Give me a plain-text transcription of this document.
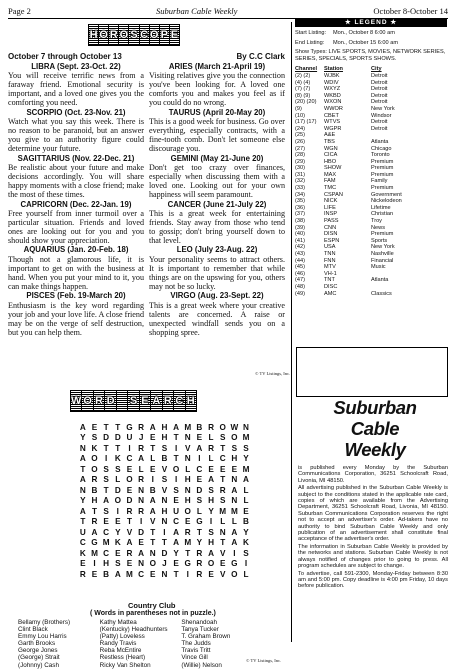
Page 2	Suburban Cable Weekly	October 8-October 14
H O R O S C O P E
October 7 through October 13
LIBRA (Sept. 23-Oct. 22)
You will receive terrific news from a faraway friend. Emotional security is important, and a loved one gives you the comforting you need.
SCORPIO (Oct. 23-Nov. 21)
Watch what you say this week. There is no reason to be paranoid, but an answer you give to an authority figure could determine your future.
SAGITTARIUS (Nov. 22-Dec. 21)
Be realistic about your future and make decisions accordingly. You will share happy moments with a close friend; make the most of these times.
CAPRICORN (Dec. 22-Jan. 19)
Free yourself from inner turmoil over a particular situation. Friends and loved ones are looking out for you and you should show your appreciation.
AQUARIUS (Jan. 20-Feb. 18)
Though not a glamorous life, it is important to get on with the business at hand. When you put your mind to it, you can make things happen.
PISCES (Feb. 19-March 20)
Enthusiasm is the key word regarding your job and your love life. A close friend may be on the verge of self destruction, but you can help them.
By C.C Clark
ARIES (March 21-April 19)
Visiting relatives give you the connection you've been looking for. A loved one comforts you and makes you feel as if you could do no wrong.
TAURUS (April 20-May 20)
This is a good week for business. Go over everything, especially contracts, with a fine-tooth comb. Don't let someone else discourage you.
GEMINI (May 21-June 20)
Don't get too crazy over finances, especially when discussing them with a loved one. Looking out for your own happiness will seem paramount.
CANCER (June 21-July 22)
This is a great week for entertaining friends. Stay away from those who tend to gossip; don't bring yourself down to that level.
LEO (July 23-Aug. 22)
Your personality seems to attract others. It is important to remember that while things are on the upswing for you, others may not be so lucky.
VIRGO (Aug. 23-Sept. 22)
This is a great week where your creative talents are concerned. A raise or unexpected windfall sends you on a shopping spree.
© TV Listings, Inc.
★ LEGEND ★
Start Listing:	Mon., October 8 6:00 am
End Listing:	Mon., October 15 6:00 am
Show Types: LIVE SPORTS, MOVIES, NETWORK SERIES, SERIES, SPECIALS, SPORTS SHOWS.
Channel	Station	City
(2) (2)	WJBK	Detroit
(4) (4)	WDIV	Detroit
(7) (7)	WXYZ	Detroit
(8) (9)	WKBD	Detroit
(20) (20)	WXON	Detroit
(9)	WWOR	New York
(10)	CBET	Windsor
(17) (17)	WTVS	Detroit
(24)	WGPR	Detroit
(25)	A&E
(26)	TBS	Atlanta
(27)	WGN	Chicago
(28)	CICA	Toronto
(29)	HBO	Premium
(30)	SHOW	Premium
(31)	MAX	Premium
(32)	FAM	Family
(33)	TMC	Premium
(34)	CSPAN	Government
(35)	NICK	Nickelodeon
(36)	LIFE	Lifetime
(37)	INSP	Christian
(38)	PASS	Troy
(39)	CNN	News
(40)	DISN	Premium
(41)	ESPN	Sports
(42)	USA	New York
(43)	TNN	Nashville
(44)	FNN	Financial
(45)	MTV	Music
(46)	VH-1
(47)	TNT	Atlanta
(48)	DISC
(49)	AMC	Classics
Suburban
Cable
Weekly

is published every Monday by the Suburban Communications Corporation, 36251 Schoolcraft Road, Livonia, MI 48150.

All advertising published in the Suburban Cable Weekly is subject to the conditions stated in the applicable rate card, copies of which are available from the Advertising Department, 36251 Schoolcraft Road, Livonia, MI 48150. Suburban Communications Corporation reserves the right not to accept an advertiser's order. Ad-takers have no authority to bind Suburban Cable Weekly and only publication of an advertisement shall constitute final acceptance of the advertiser's order.

The information in Suburban Cable Weekly is provided by the networks and stations. Suburban Cable Weekly is not always notified of changes prior to going to press. All program schedules are subject to change.

To advertise, call 591-2300, Monday-Friday between 8:30 am and 5:00 pm. Copy deadline is 4:00 pm Friday, 10 days before publication.

W O R D S E A R C H
A E T T G R A H A M B R O W N
Y S D D U J E H T N E L S O M
N K T T I R T S I V A R T S S
A O I K C A L B T N I L C H Y
T O S S E L E V O L C E E E M
A R S L O R I S I H E A T N A
N B T D E N B V S N D S R A L
Y H A O D N A N E H S H S N L
A T S I R R A H U O L Y M M E
T R E E T I V N C E G I L L B
U A C Y V D T I A R T S N A Y
C G M K A E T T A M Y H T A K
K M C E R A N D Y T R A V I S
E I H S E N O J E G R O E G I
R E B A M C E N T I R E V O L
Country Club
( Words in parentheses not in puzzle.)
Bellamy (Brothers)
Clint Black
Emmy Lou Harris
Garth Brooks
George Jones
(George) Strait
(Johnny) Cash
Kathy Mattea
(Kentucky) Headhunters
(Patty) Loveless
Randy Travis
Reba McEntire
Restless (Heart)
Ricky Van Shelton
Shenandoah
Tanya Tucker
T. Graham Brown
The Judds
Travis Tritt
Vince Gill
(Willie) Nelson
© TV Listings, Inc.
